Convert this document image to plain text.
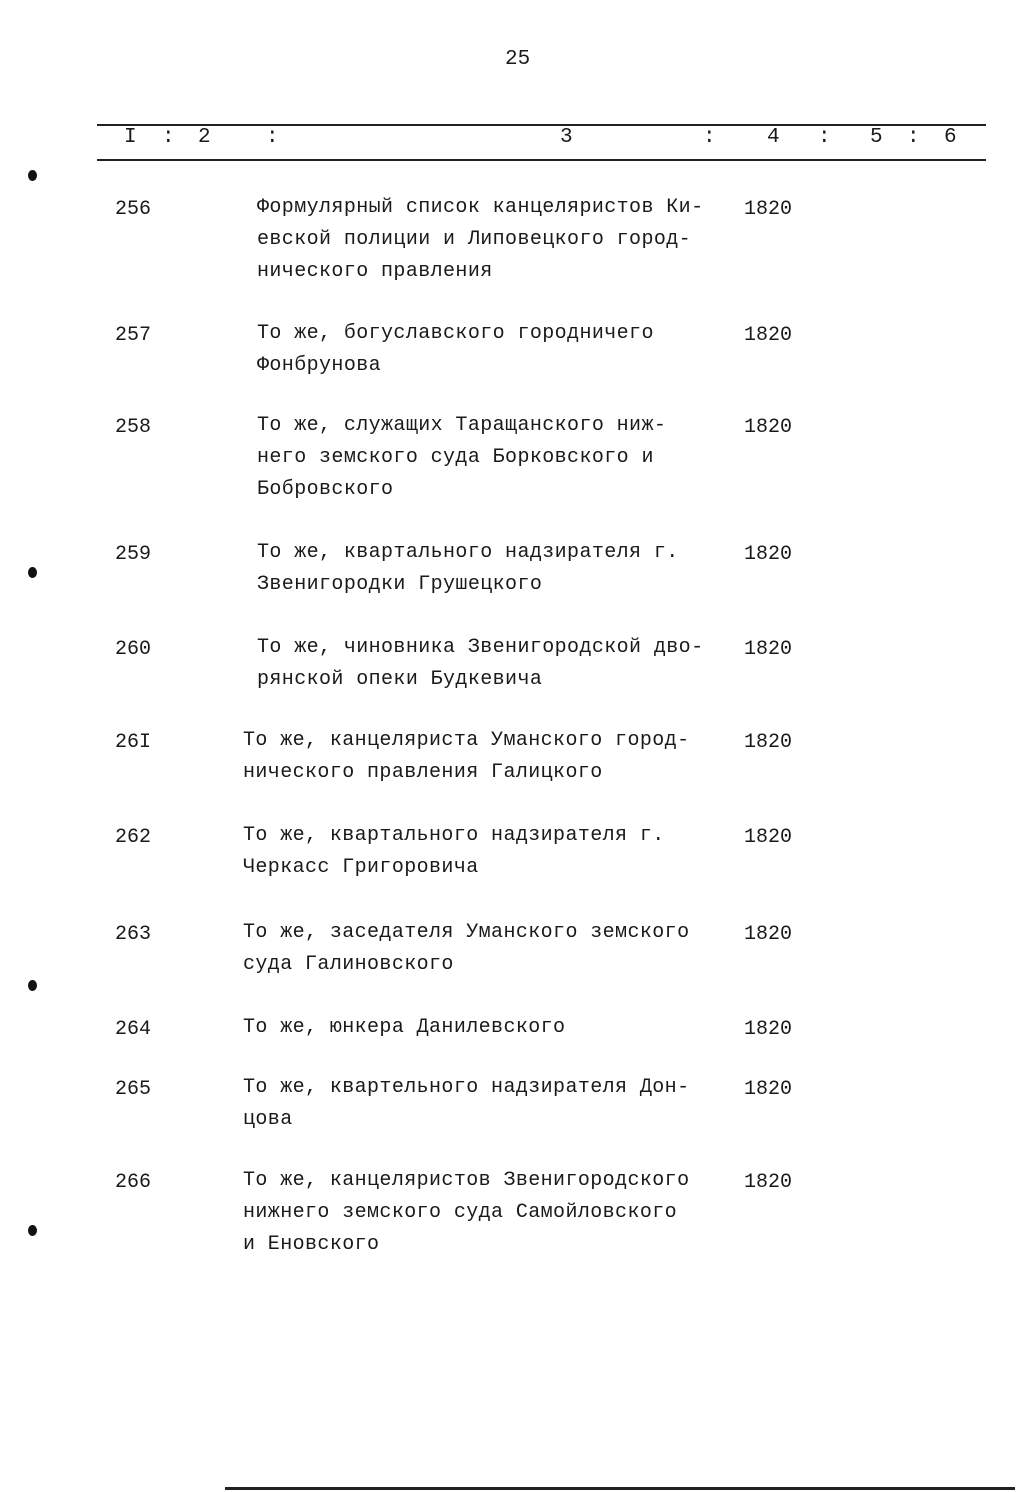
25
I : 2	:	3	: 4 : 5 : 6
256	Формулярный список канцеляристов Ки-
евской полиции и Липовецкого город-
нического правления
1820
257	То же, богуславского городничего
Фонбрунова
1820
258	То же, служащих Таращанского ниж-
него земского суда Борковского и
Бобровского
1820
259	То же, квартального надзирателя г.
Звенигородки Грушецкого
1820
260	То же, чиновника Звенигородской дво-
рянской опеки Будкевича
1820
26I	То же, канцеляриста Уманского город-
нического правления Галицкого
1820
262	То же, квартального надзирателя г.
Черкасс Григоровича
1820
263	То же, заседателя Уманского земского
суда Галиновского
1820
264	То же, юнкера Данилевского	1820
265	То же, квартельного надзирателя Дон-
цова
1820
266	То же, канцеляристов Звенигородского
нижнего земского суда Самойловского
и Еновского
1820
